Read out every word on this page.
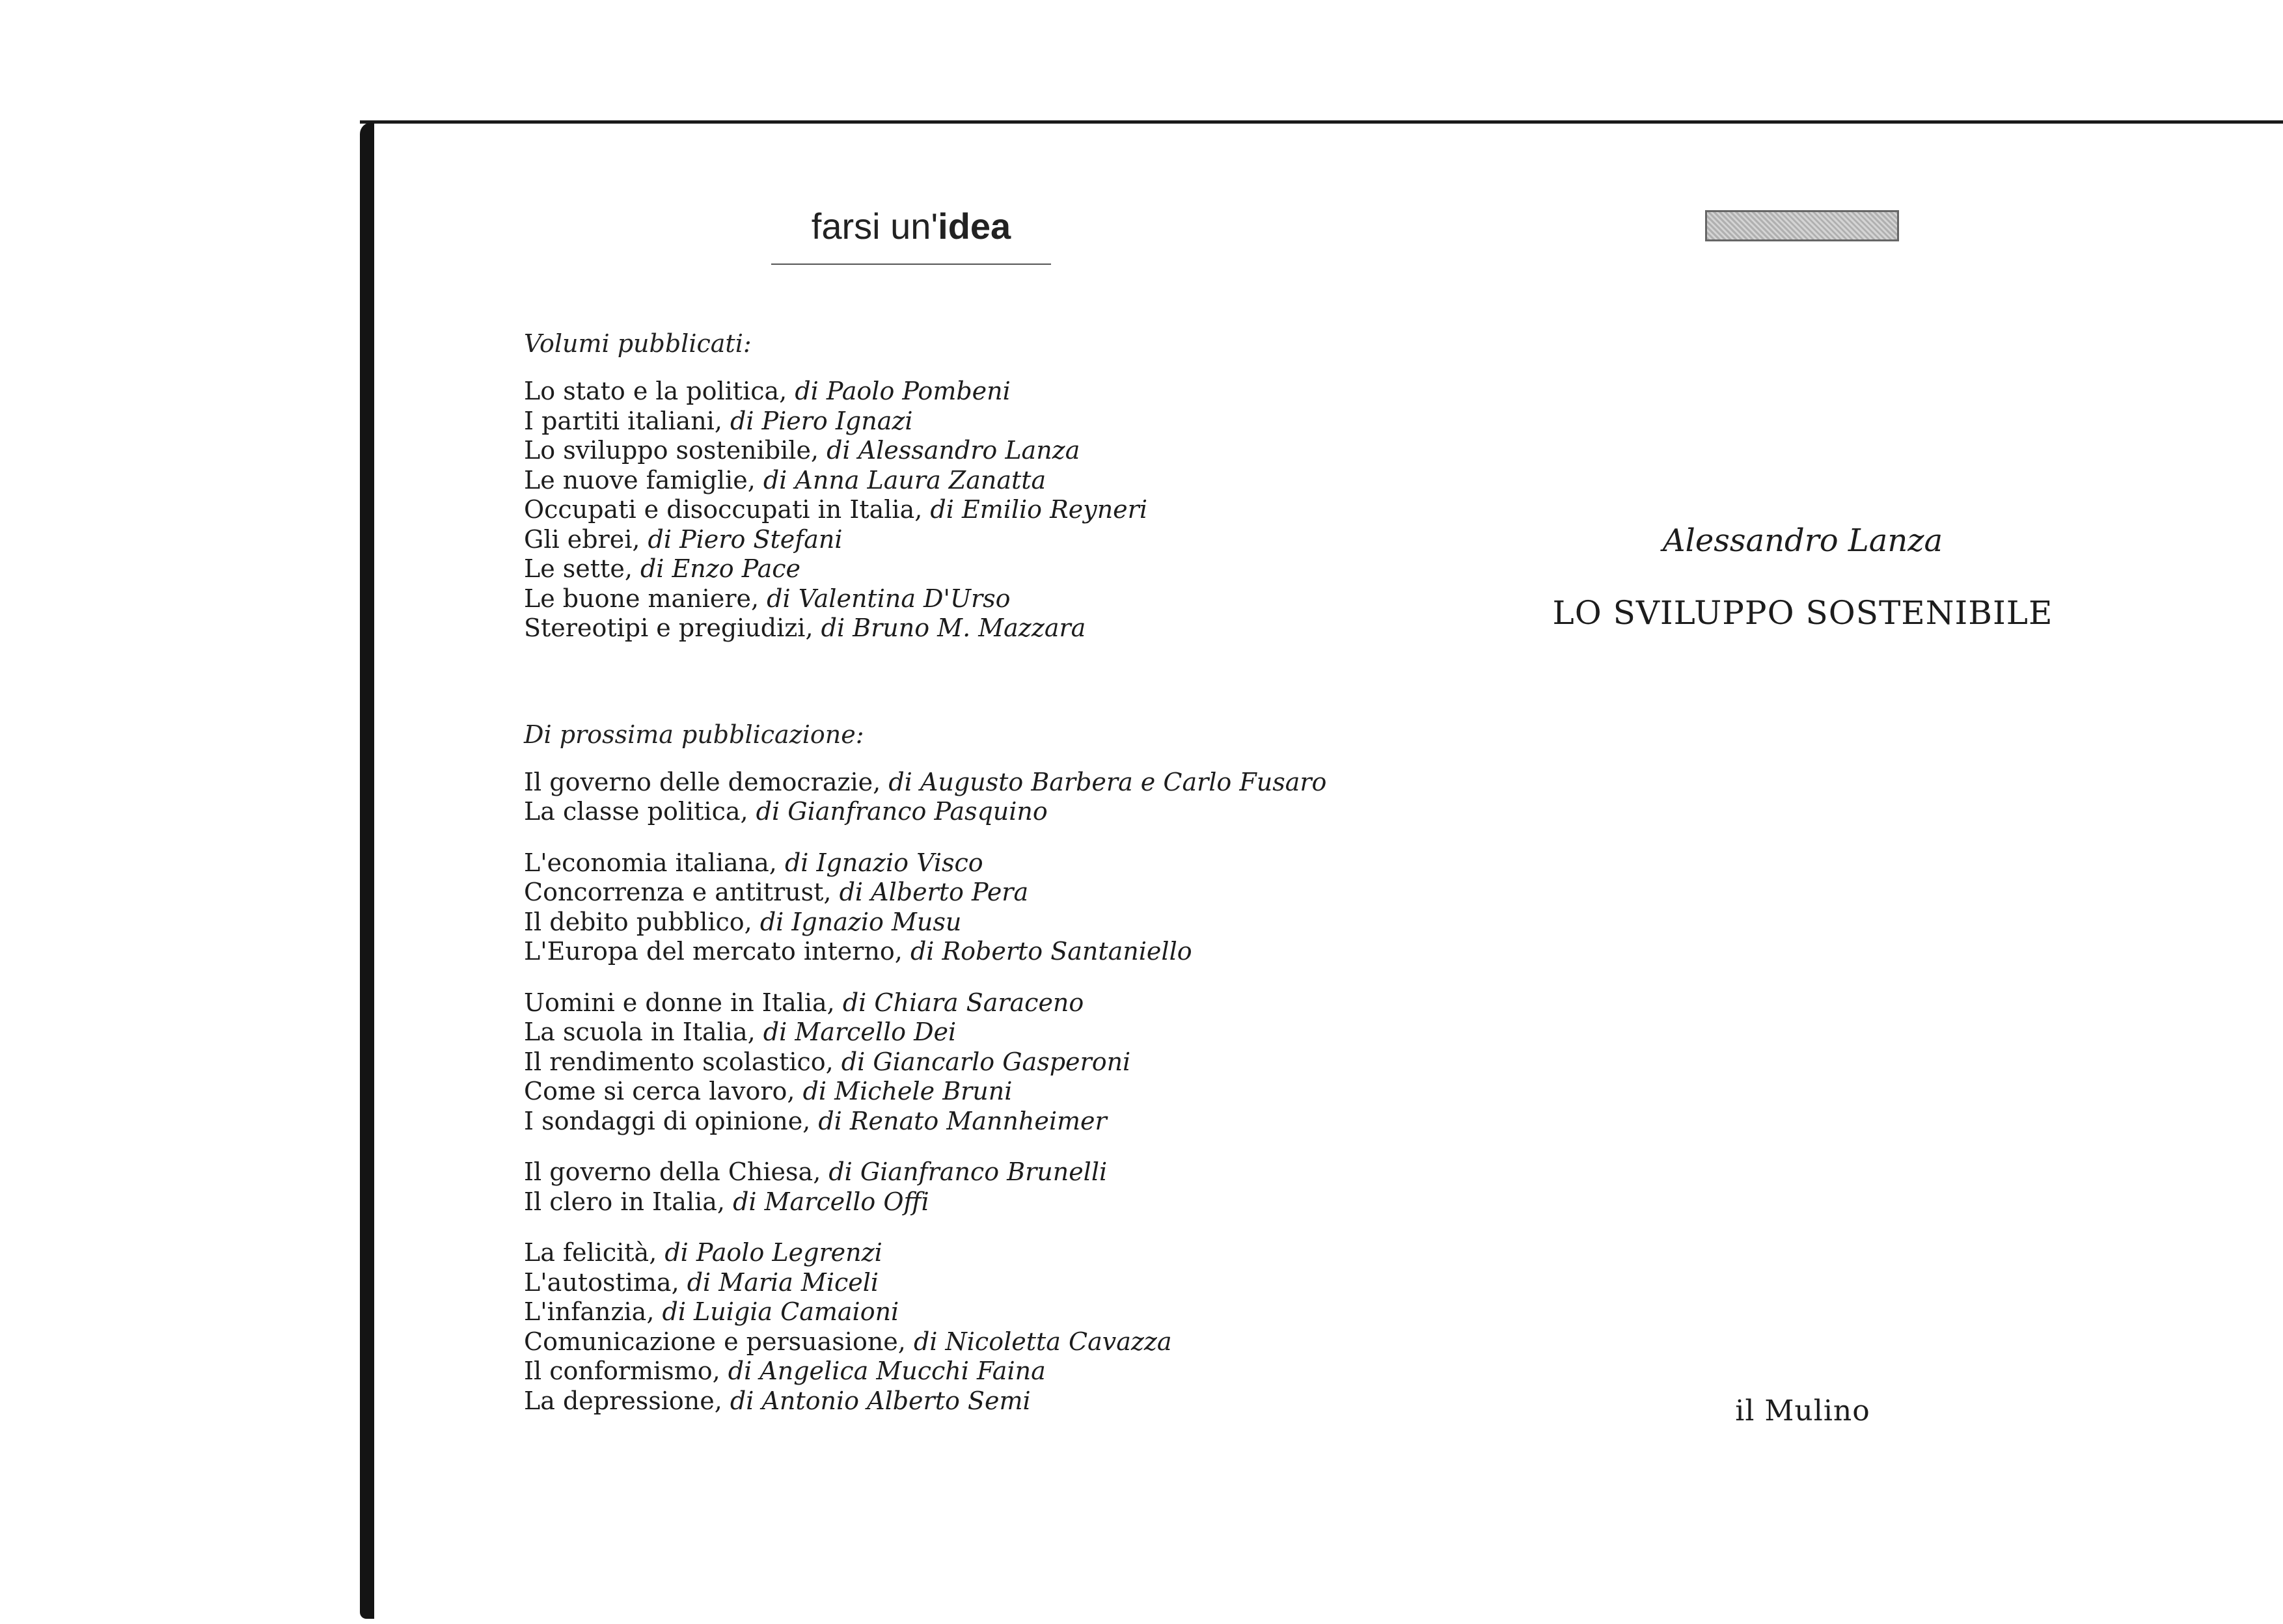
farsi un'idea

Volumi pubblicati:

Lo stato e la politica, di Paolo Pombeni
I partiti italiani, di Piero Ignazi
Lo sviluppo sostenibile, di Alessandro Lanza
Le nuove famiglie, di Anna Laura Zanatta
Occupati e disoccupati in Italia, di Emilio Reyneri
Gli ebrei, di Piero Stefani
Le sette, di Enzo Pace
Le buone maniere, di Valentina D'Urso
Stereotipi e pregiudizi, di Bruno M. Mazzara

Di prossima pubblicazione:

Il governo delle democrazie, di Augusto Barbera e Carlo Fusaro
La classe politica, di Gianfranco Pasquino
L'economia italiana, di Ignazio Visco
Concorrenza e antitrust, di Alberto Pera
Il debito pubblico, di Ignazio Musu
L'Europa del mercato interno, di Roberto Santaniello
Uomini e donne in Italia, di Chiara Saraceno
La scuola in Italia, di Marcello Dei
Il rendimento scolastico, di Giancarlo Gasperoni
Come si cerca lavoro, di Michele Bruni
I sondaggi di opinione, di Renato Mannheimer
Il governo della Chiesa, di Gianfranco Brunelli
Il clero in Italia, di Marcello Offi
La felicità, di Paolo Legrenzi
L'autostima, di Maria Miceli
L'infanzia, di Luigia Camaioni
Comunicazione e persuasione, di Nicoletta Cavazza
Il conformismo, di Angelica Mucchi Faina
La depressione, di Antonio Alberto Semi
Alessandro Lanza
LO SVILUPPO SOSTENIBILE
il Mulino
